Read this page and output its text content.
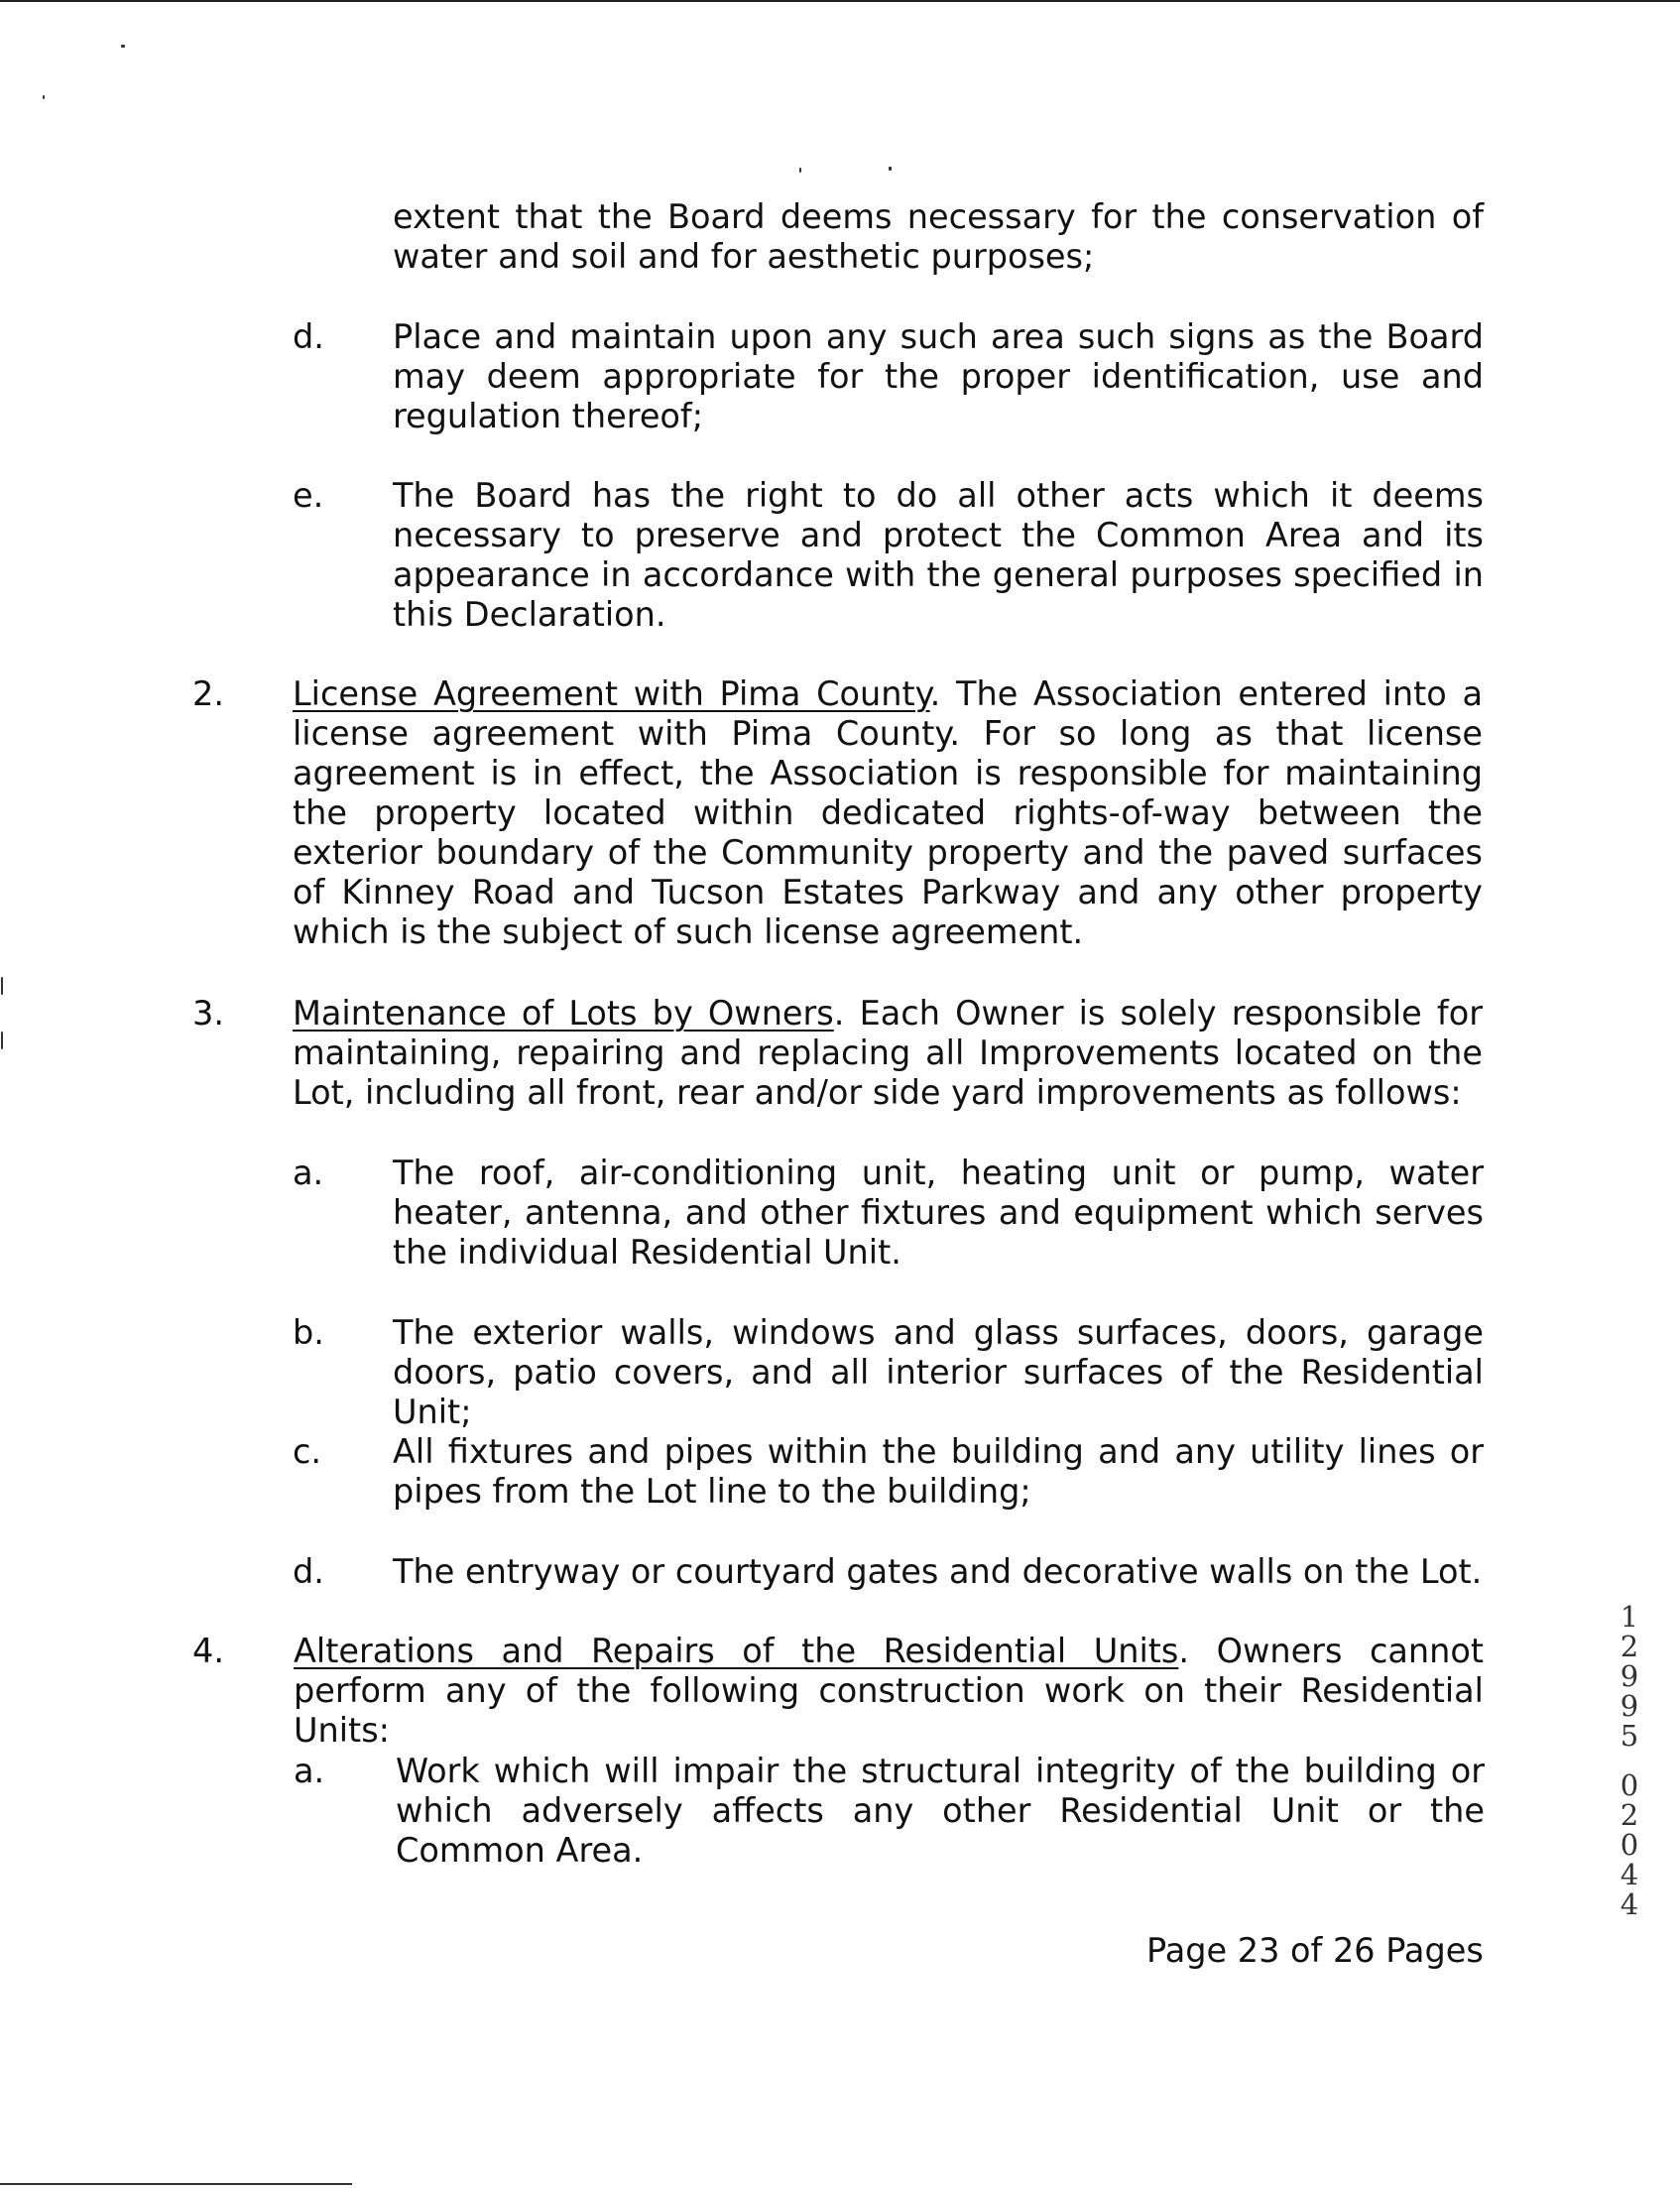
extent that the Board deems necessary for the conservation of water and soil and for aesthetic purposes;

d. Place and maintain upon any such area such signs as the Board may deem appropriate for the proper identification, use and regulation thereof;

e. The Board has the right to do all other acts which it deems necessary to preserve and protect the Common Area and its appearance in accordance with the general purposes specified in this Declaration.

2. License Agreement with Pima County. The Association entered into a license agreement with Pima County. For so long as that license agreement is in effect, the Association is responsible for maintaining the property located within dedicated rights-of-way between the exterior boundary of the Community property and the paved surfaces of Kinney Road and Tucson Estates Parkway and any other property which is the subject of such license agreement.

3. Maintenance of Lots by Owners. Each Owner is solely responsible for maintaining, repairing and replacing all Improvements located on the Lot, including all front, rear and/or side yard improvements as follows:

a. The roof, air-conditioning unit, heating unit or pump, water heater, antenna, and other fixtures and equipment which serves the individual Residential Unit.

b. The exterior walls, windows and glass surfaces, doors, garage doors, patio covers, and all interior surfaces of the Residential Unit;

c. All fixtures and pipes within the building and any utility lines or pipes from the Lot line to the building;

d. The entryway or courtyard gates and decorative walls on the Lot.

4. Alterations and Repairs of the Residential Units. Owners cannot perform any of the following construction work on their Residential Units:

a. Work which will impair the structural integrity of the building or which adversely affects any other Residential Unit or the Common Area.

Page 23 of 26 Pages
1
2
9
9
5
0
2
0
4
4
